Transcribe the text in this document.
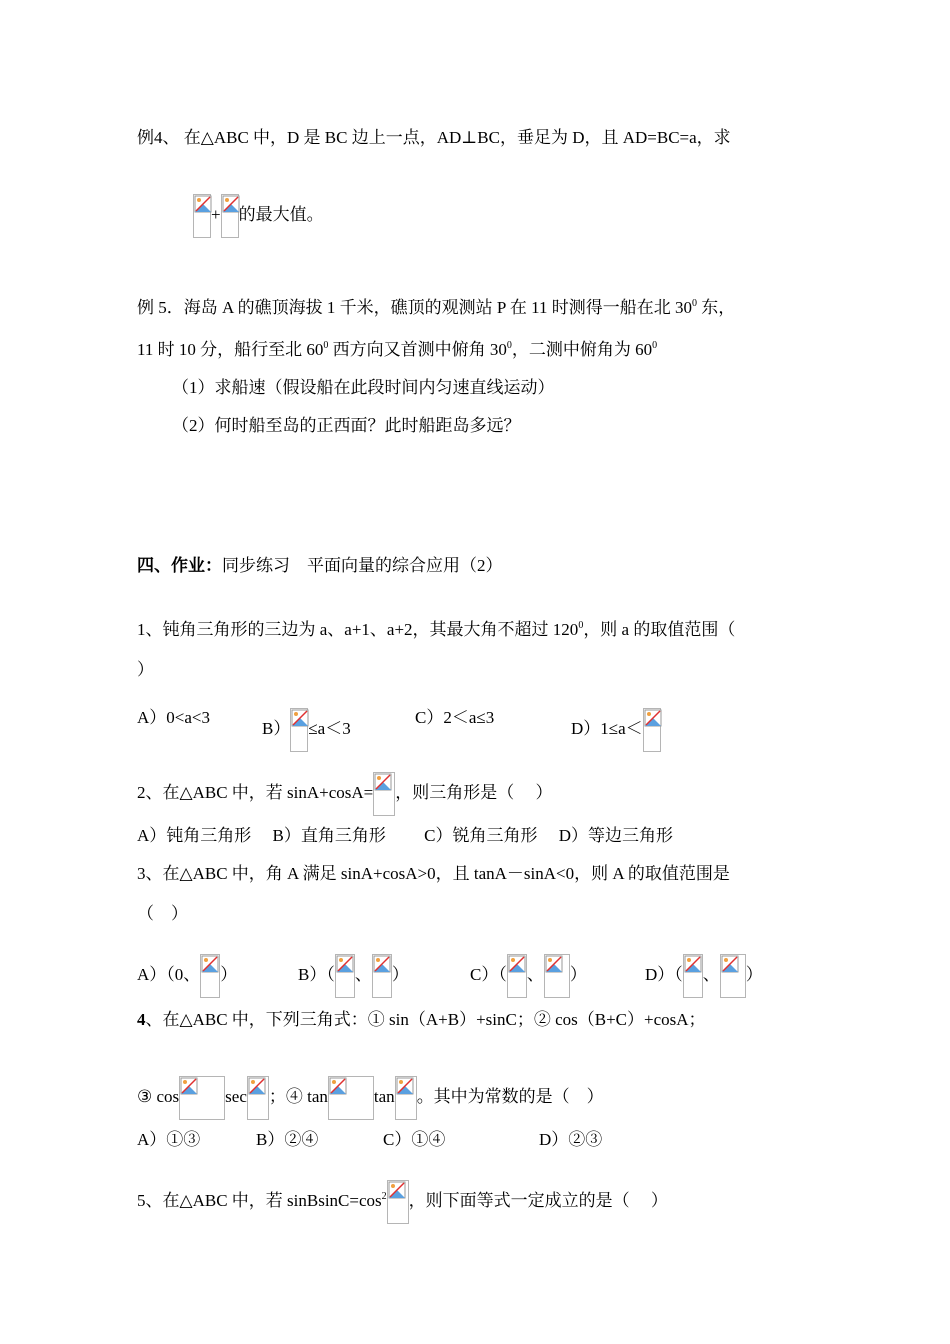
例4、 在△ABC 中，D 是 BC 边上一点，AD⊥BC，垂足为 D，且 AD=BC=a，求
+ 的最大值。
例 5．海岛 A 的礁顶海拔 1 千米，礁顶的观测站 P 在 11 时测得一船在北 $30^0$ 东，
11 时 10 分，船行至北 $60^0$ 西方向又首测中俯角 $30^0$，二测中俯角为 $60^0$
（1）求船速（假设船在此段时间内匀速直线运动）
（2）何时船至岛的正西面？此时船距岛多远？
四、作业：同步练习　平面向量的综合应用（2）
1、钝角三角形的三边为 a、a+1、a+2，其最大角不超过 $120^0$，则 a 的取值范围（
）
A）0<a<3
B） ≤a＜3
C）2＜a≤3
D）1≤a＜
2、在△ABC 中，若 sinA+cosA= ，则三角形是（　 ）
A）钝角三角形　 B）直角三角形　　 C）锐角三角形　 D）等边三角形
3、在△ABC 中，角 A 满足 sinA+cosA>0，且 tanA－sinA<0，则 A 的取值范围是
（　）
A）（0、 ）	B）（ 、 ）	C）（ 、 ）	D）（ 、 ）
4、在△ABC 中，下列三角式：① sin（A+B）+sinC；② cos（B+C）+cosA；
③ cos	sec ；④ tan	tan 。其中为常数的是（　）
A）①③	B）②④	C）①④	D）②③
5、在△ABC 中，若 $sinBsinC=\cos^2$ ，则下面等式一定成立的是（　 ）
